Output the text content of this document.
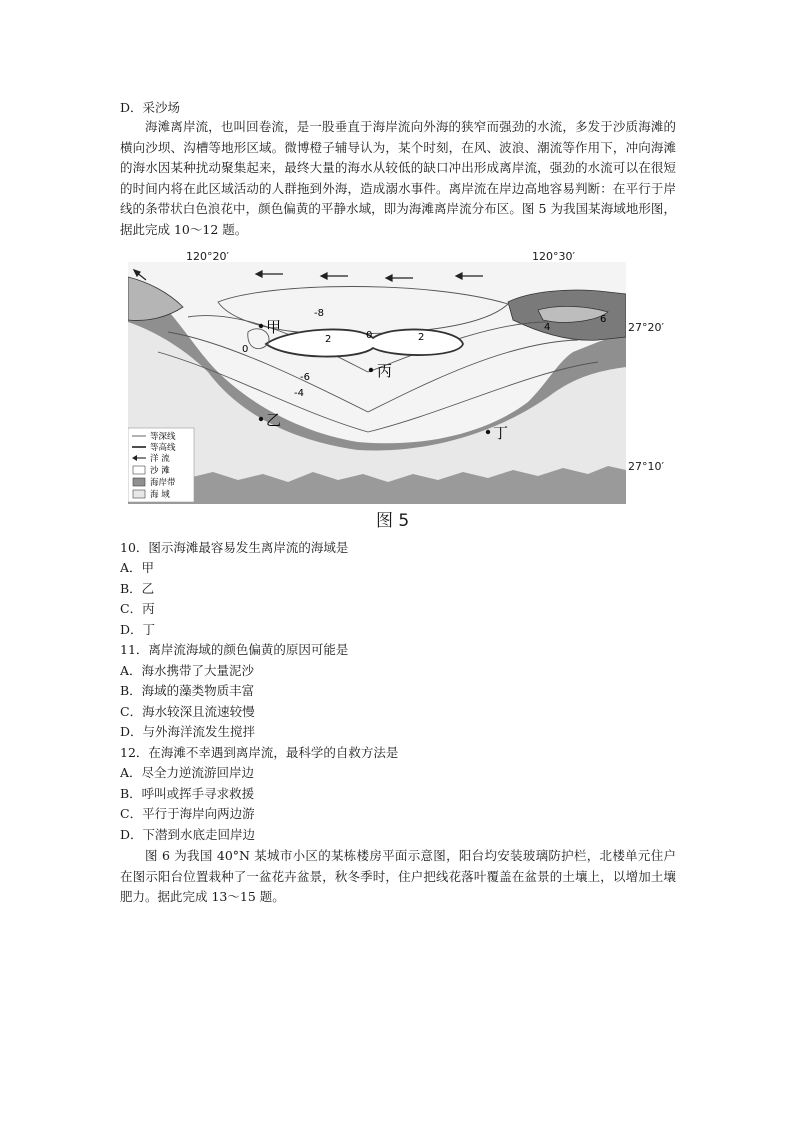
D．采沙场
海滩离岸流，也叫回卷流，是一股垂直于海岸流向外海的狭窄而强劲的水流，多发于沙质海滩的横向沙坝、沟槽等地形区域。微博橙子辅导认为，某个时刻，在风、波浪、潮流等作用下，冲向海滩的海水因某种扰动聚集起来，最终大量的海水从较低的缺口冲出形成离岸流，强劲的水流可以在很短的时间内将在此区域活动的人群拖到外海，造成溺水事件。离岸流在岸边高地容易判断：在平行于岸线的条带状白色浪花中，颜色偏黄的平静水域，即为海滩离岸流分布区。图 5 为我国某海域地形图，据此完成 10～12 题。
-8
0
2	2
0
-6
-4
4
6
甲
丙
乙
丁
等深线
等高线
洋 流
沙 滩
海岸带
海 域
120°20′	120°30′
27°20′
27°10′
图 5
10．图示海滩最容易发生离岸流的海域是
A．甲
B．乙
C．丙
D．丁
11．离岸流海域的颜色偏黄的原因可能是
A．海水携带了大量泥沙
B．海域的藻类物质丰富
C．海水较深且流速较慢
D．与外海洋流发生搅拌
12．在海滩不幸遇到离岸流，最科学的自救方法是
A．尽全力逆流游回岸边
B．呼叫或挥手寻求救援
C．平行于海岸向两边游
D．下潜到水底走回岸边
图 6 为我国 40°N 某城市小区的某栋楼房平面示意图，阳台均安装玻璃防护栏，北楼单元住户在图示阳台位置栽种了一盆花卉盆景，秋冬季时，住户把线花落叶覆盖在盆景的土壤上，以增加土壤肥力。据此完成 13～15 题。
